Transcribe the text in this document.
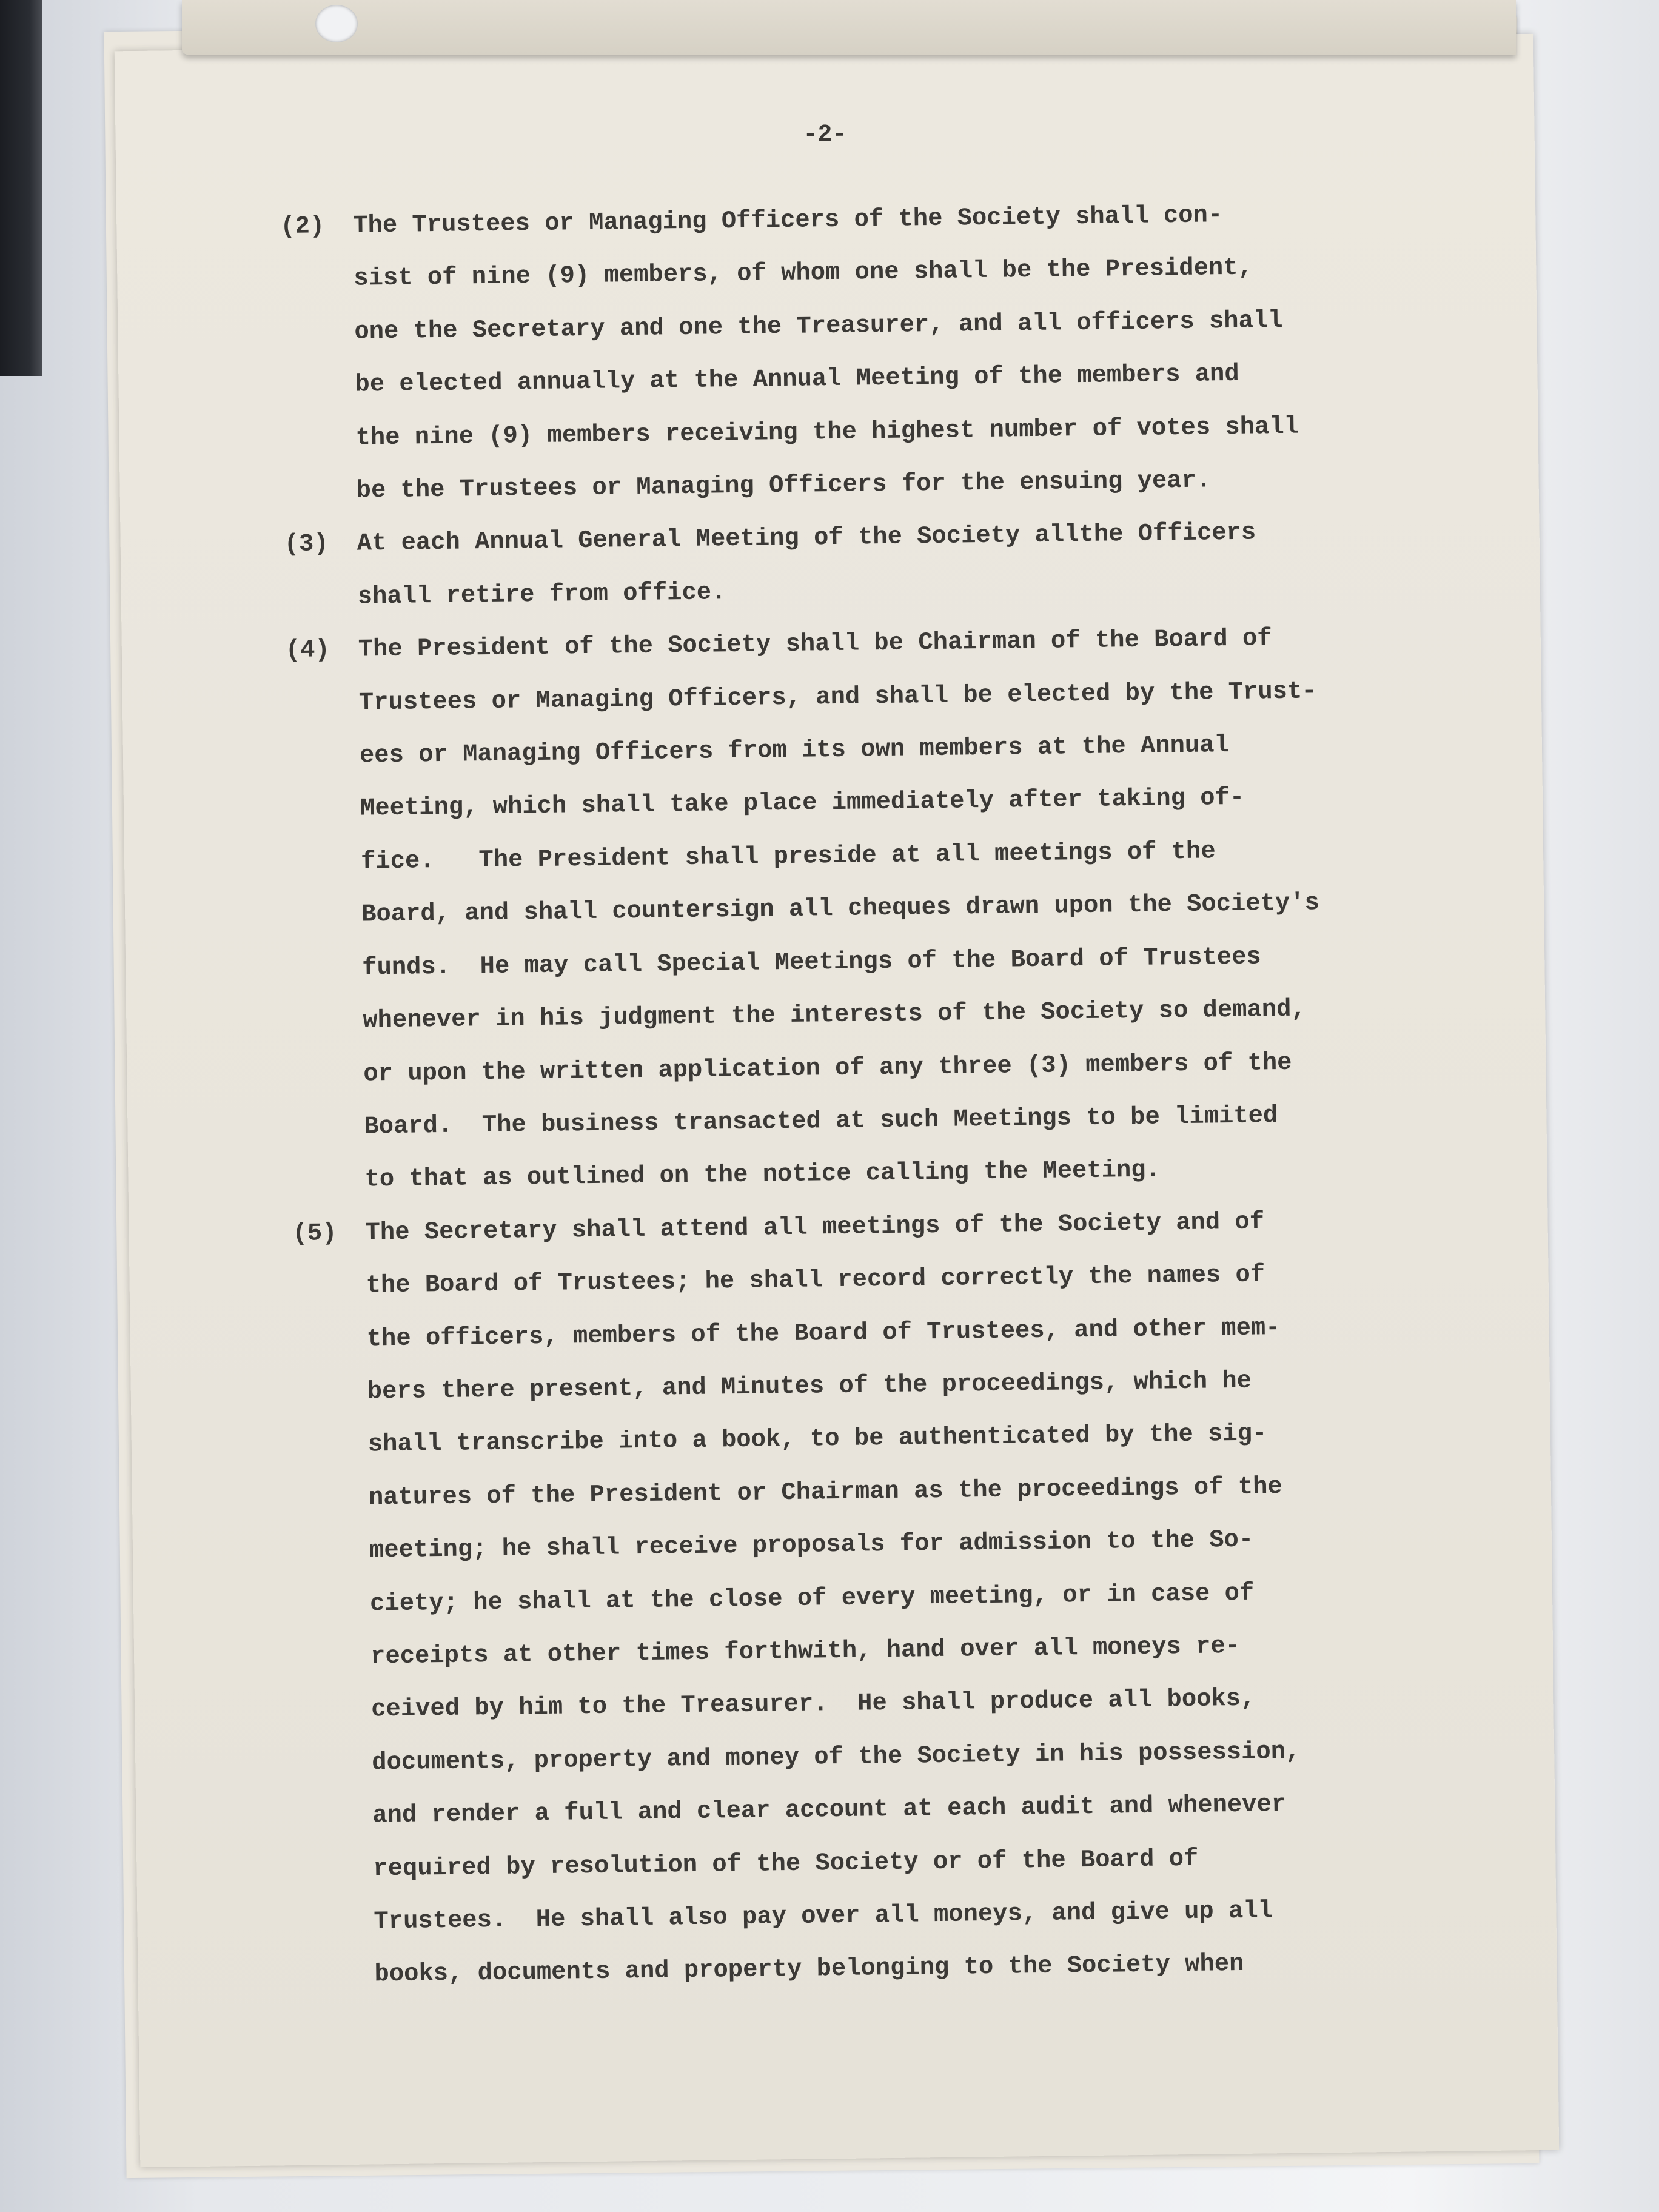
-2-
(2) The Trustees or Managing Officers of the Society shall con-
sist of nine (9) members, of whom one shall be the President,
one the Secretary and one the Treasurer, and all officers shall
be elected annually at the Annual Meeting of the members and
the nine (9) members receiving the highest number of votes shall
be the Trustees or Managing Officers for the ensuing year.
(3) At each Annual General Meeting of the Society allthe Officers
shall retire from office.
(4) The President of the Society shall be Chairman of the Board of
Trustees or Managing Officers, and shall be elected by the Trust-
ees or Managing Officers from its own members at the Annual
Meeting, which shall take place immediately after taking of-
fice.   The President shall preside at all meetings of the
Board, and shall countersign all cheques drawn upon the Society's
funds.  He may call Special Meetings of the Board of Trustees
whenever in his judgment the interests of the Society so demand,
or upon the written application of any three (3) members of the
Board.  The business transacted at such Meetings to be limited
to that as outlined on the notice calling the Meeting.
(5) The Secretary shall attend all meetings of the Society and of
the Board of Trustees; he shall record correctly the names of
the officers, members of the Board of Trustees, and other mem-
bers there present, and Minutes of the proceedings, which he
shall transcribe into a book, to be authenticated by the sig-
natures of the President or Chairman as the proceedings of the
meeting; he shall receive proposals for admission to the So-
ciety; he shall at the close of every meeting, or in case of
receipts at other times forthwith, hand over all moneys re-
ceived by him to the Treasurer.  He shall produce all books,
documents, property and money of the Society in his possession,
and render a full and clear account at each audit and whenever
required by resolution of the Society or of the Board of
Trustees.  He shall also pay over all moneys, and give up all
books, documents and property belonging to the Society when
